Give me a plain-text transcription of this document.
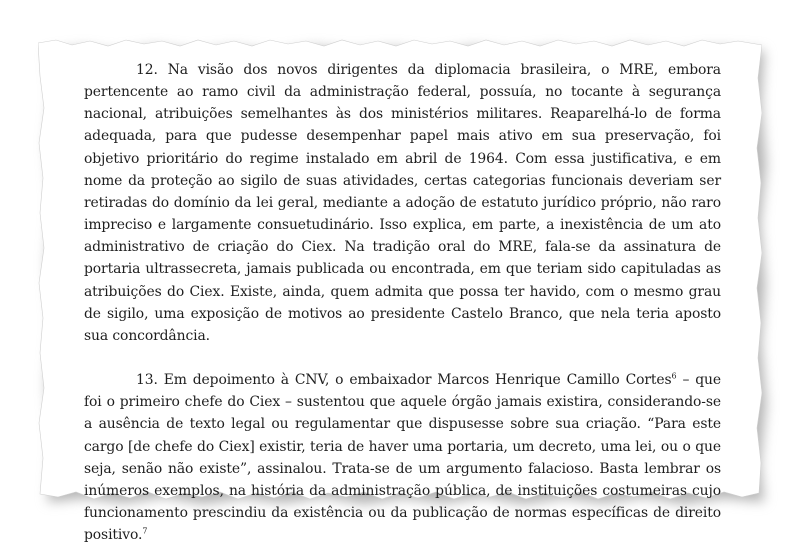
12. Na visão dos novos dirigentes da diplomacia brasileira, o MRE, embora pertencente ao ramo civil da administração federal, possuía, no tocante à segurança nacional, atribuições semelhantes às dos ministérios militares. Reaparelhá-lo de forma adequada, para que pudesse desempenhar papel mais ativo em sua preservação, foi objetivo prioritário do regime instalado em abril de 1964. Com essa justificativa, e em nome da proteção ao sigilo de suas atividades, certas categorias funcionais deveriam ser retiradas do domínio da lei geral, mediante a adoção de estatuto jurídico próprio, não raro impreciso e largamente consuetudinário. Isso explica, em parte, a inexistência de um ato administrativo de criação do Ciex. Na tradição oral do MRE, fala-se da assinatura de portaria ultrassecreta, jamais publicada ou encontrada, em que teriam sido capituladas as atribuições do Ciex. Existe, ainda, quem admita que possa ter havido, com o mesmo grau de sigilo, uma exposição de motivos ao presidente Castelo Branco, que nela teria aposto sua concordância.

13. Em depoimento à CNV, o embaixador Marcos Henrique Camillo Cortes$^6$ – que foi o primeiro chefe do Ciex – sustentou que aquele órgão jamais existira, considerando-se a ausência de texto legal ou regulamentar que dispusesse sobre sua criação. “Para este cargo [de chefe do Ciex] existir, teria de haver uma portaria, um decreto, uma lei, ou o que seja, senão não existe”, assinalou. Trata-se de um argumento falacioso. Basta lembrar os inúmeros exemplos, na história da administração pública, de instituições costumeiras cujo funcionamento prescindiu da existência ou da publicação de normas específicas de direito positivo.$^7$
